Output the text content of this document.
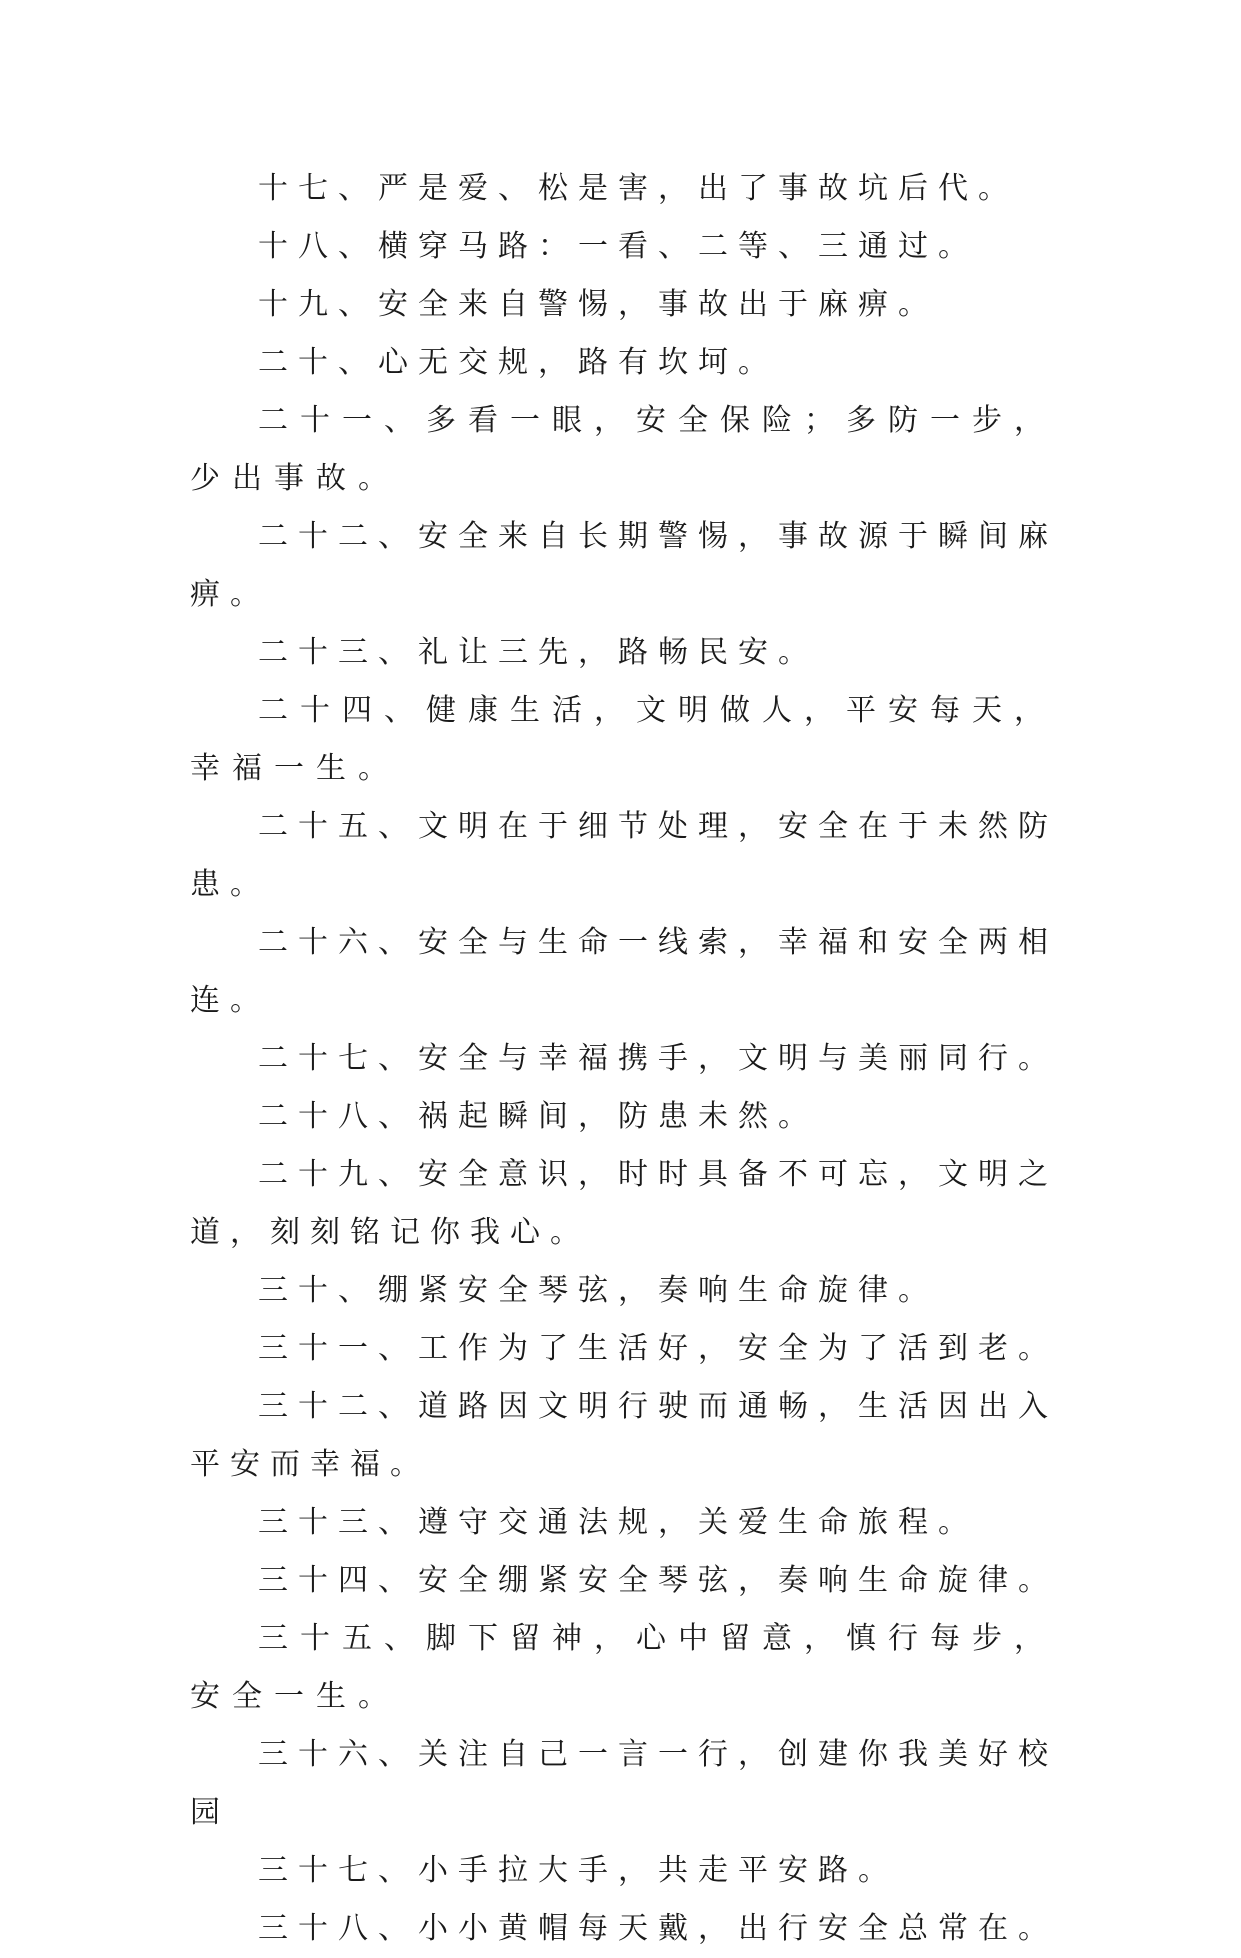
十七、严是爱、松是害，出了事故坑后代。

十八、横穿马路：一看、二等、三通过。

十九、安全来自警惕，事故出于麻痹。

二十、心无交规，路有坎坷。

二十一、多看一眼，安全保险；多防一步，少出事故。

二十二、安全来自长期警惕，事故源于瞬间麻痹。

二十三、礼让三先，路畅民安。

二十四、健康生活，文明做人，平安每天，幸福一生。

二十五、文明在于细节处理，安全在于未然防患。

二十六、安全与生命一线索，幸福和安全两相连。

二十七、安全与幸福携手，文明与美丽同行。

二十八、祸起瞬间，防患未然。

二十九、安全意识，时时具备不可忘，文明之道，刻刻铭记你我心。

三十、绷紧安全琴弦，奏响生命旋律。

三十一、工作为了生活好，安全为了活到老。

三十二、道路因文明行驶而通畅，生活因出入平安而幸福。

三十三、遵守交通法规，关爱生命旅程。

三十四、安全绷紧安全琴弦，奏响生命旋律。

三十五、脚下留神，心中留意，慎行每步，安全一生。

三十六、关注自己一言一行，创建你我美好校园

三十七、小手拉大手，共走平安路。

三十八、小小黄帽每天戴，出行安全总常在。
